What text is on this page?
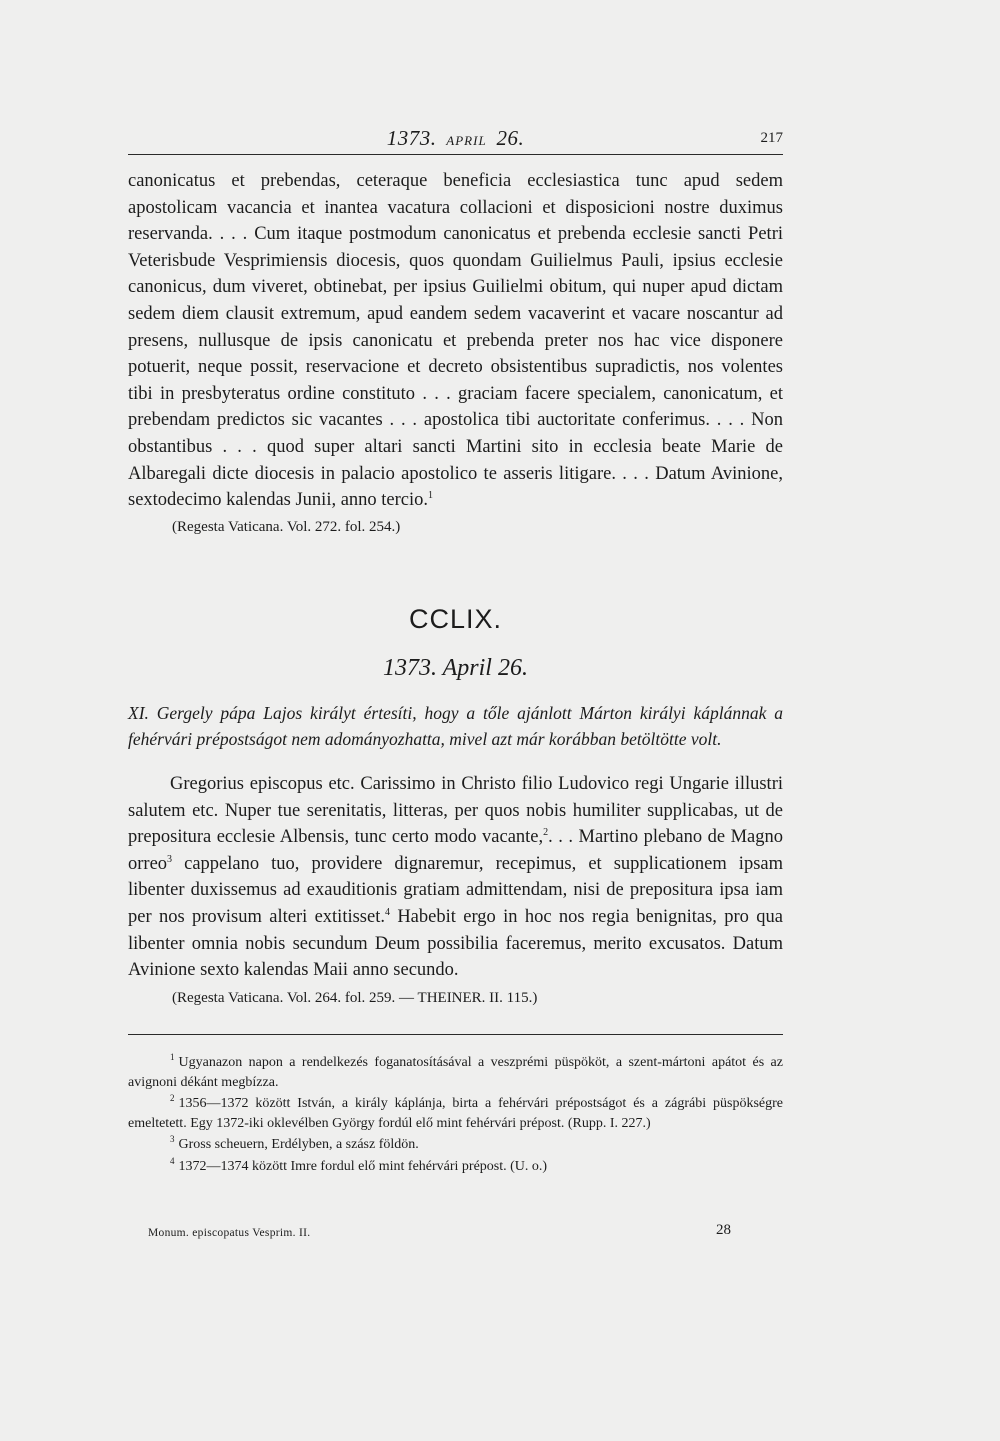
1373. APRIL 26.	217

canonicatus et prebendas, ceteraque beneficia ecclesiastica tunc apud sedem apostolicam vacancia et inantea vacatura collacioni et disposicioni nostre duximus reservanda. . . . Cum itaque postmodum canonicatus et prebenda ecclesie sancti Petri Veterisbude Vesprimiensis diocesis, quos quondam Guilielmus Pauli, ipsius ecclesie canonicus, dum viveret, obtinebat, per ipsius Guilielmi obitum, qui nuper apud dictam sedem diem clausit extremum, apud eandem sedem vacaverint et vacare noscantur ad presens, nullusque de ipsis canonicatu et prebenda preter nos hac vice disponere potuerit, neque possit, reservacione et decreto obsistentibus supradictis, nos volentes tibi in presbyteratus ordine constituto . . . graciam facere specialem, canonicatum, et prebendam predictos sic vacantes . . . apostolica tibi auctoritate conferimus. . . . Non obstantibus . . . quod super altari sancti Martini sito in ecclesia beate Marie de Albaregali dicte diocesis in palacio apostolico te asseris litigare. . . . Datum Avinione, sextodecimo kalendas Junii, anno tercio.$^1$

(Regesta Vaticana. Vol. 272. fol. 254.)
CCLIX.
1373. April 26.

XI. Gergely pápa Lajos királyt értesíti, hogy a tőle ajánlott Márton királyi káplánnak a fehérvári prépostságot nem adományozhatta, mivel azt már korábban betöltötte volt.

Gregorius episcopus etc. Carissimo in Christo filio Ludovico regi Ungarie illustri salutem etc. Nuper tue serenitatis, litteras, per quos nobis humiliter supplicabas, ut de prepositura ecclesie Albensis, tunc certo modo vacante,$^2$. . . Martino plebano de Magno orreo$^3$ cappelano tuo, providere dignaremur, recepimus, et supplicationem ipsam libenter duxissemus ad exauditionis gratiam admittendam, nisi de prepositura ipsa iam per nos provisum alteri extitisset.$^4$ Habebit ergo in hoc nos regia benignitas, pro qua libenter omnia nobis secundum Deum possibilia faceremus, merito excusatos. Datum Avinione sexto kalendas Maii anno secundo.

(Regesta Vaticana. Vol. 264. fol. 259. — THEINER. II. 115.)

$^1$ Ugyanazon napon a rendelkezés foganatosításával a veszprémi püspököt, a szent-mártoni apátot és az avignoni dékánt megbízza.

$^2$ 1356—1372 között István, a király káplánja, birta a fehérvári prépostságot és a zágrábi püspökségre emeltetett. Egy 1372-iki oklevélben György fordúl elő mint fehérvári prépost. (Rupp. I. 227.)

$^3$ Gross scheuern, Erdélyben, a szász földön.

$^4$ 1372—1374 között Imre fordul elő mint fehérvári prépost. (U. o.)

Monum. episcopatus Vesprim. II.	28
